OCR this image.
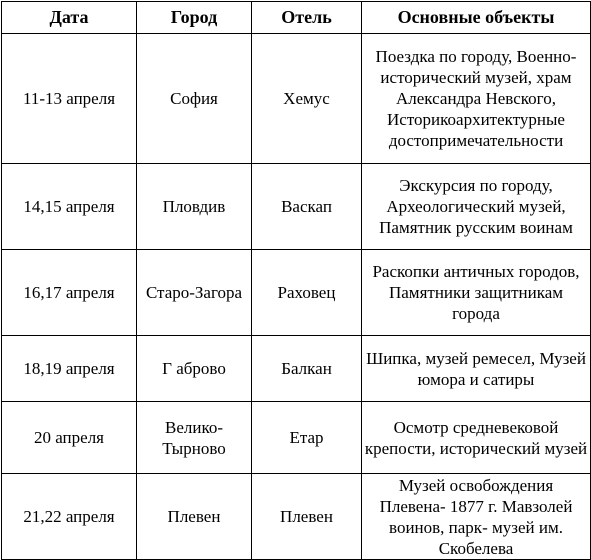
Дата	Город	Отель	Основные объекты
11-13 апреля	София	Хемус	Поездка по городу, Военно-исторический музей, храм Александра Невского, Историкоархитектурные достопримечательности
14,15 апреля	Пловдив	Васкап	Экскурсия по городу, Археологический музей, Памятник русским воинам
16,17 апреля	Старо-Загора	Раховец	Раскопки античных городов, Памятники защитникам города
18,19 апреля	Г аброво	Балкан	Шипка, музей ремесел, Музей юмора и сатиры
20 апреля	Велико-Тырново	Етар	Осмотр средневековой крепости, исторический музей
21,22 апреля	Плевен	Плевен	Музей освобождения Плевена- 1877 г. Мавзолей воинов, парк- музей им. Скобелева
